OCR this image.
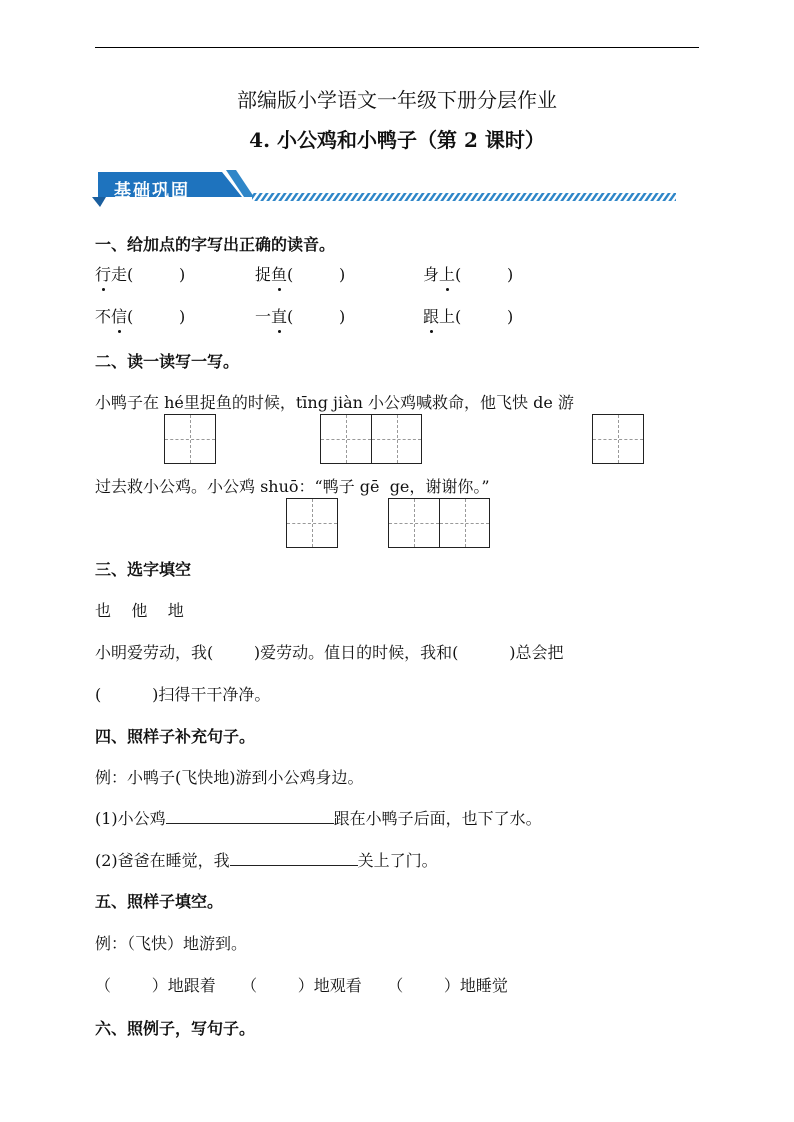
部编版小学语文一年级下册分层作业
4. 小公鸡和小鸭子（第 2 课时）
基础巩固
一、给加点的字写出正确的读音。
行走(         )	捉鱼(         )	身上(         )
不信(         )	一直(         )	跟上(         )
二、读一读写一写。
小鸭子在 hé里捉鱼的时候，tīng jiàn 小公鸡喊救命，他飞快 de 游
过去救小公鸡。小公鸡 shuō：“鸭子 gē  ge，谢谢你。”
三、选字填空
也    他    地
小明爱劳动，我(        )爱劳动。值日的时候，我和(          )总会把
(          )扫得干干净净。
四、照样子补充句子。
例：小鸭子(飞快地)游到小公鸡身边。
(1)小公鸡	跟在小鸭子后面，也下了水。
(2)爸爸在睡觉，我	关上了门。
五、照样子填空。
例：（飞快）地游到。
（        ）地跟着     （        ）地观看     （        ）地睡觉
六、照例子，写句子。
